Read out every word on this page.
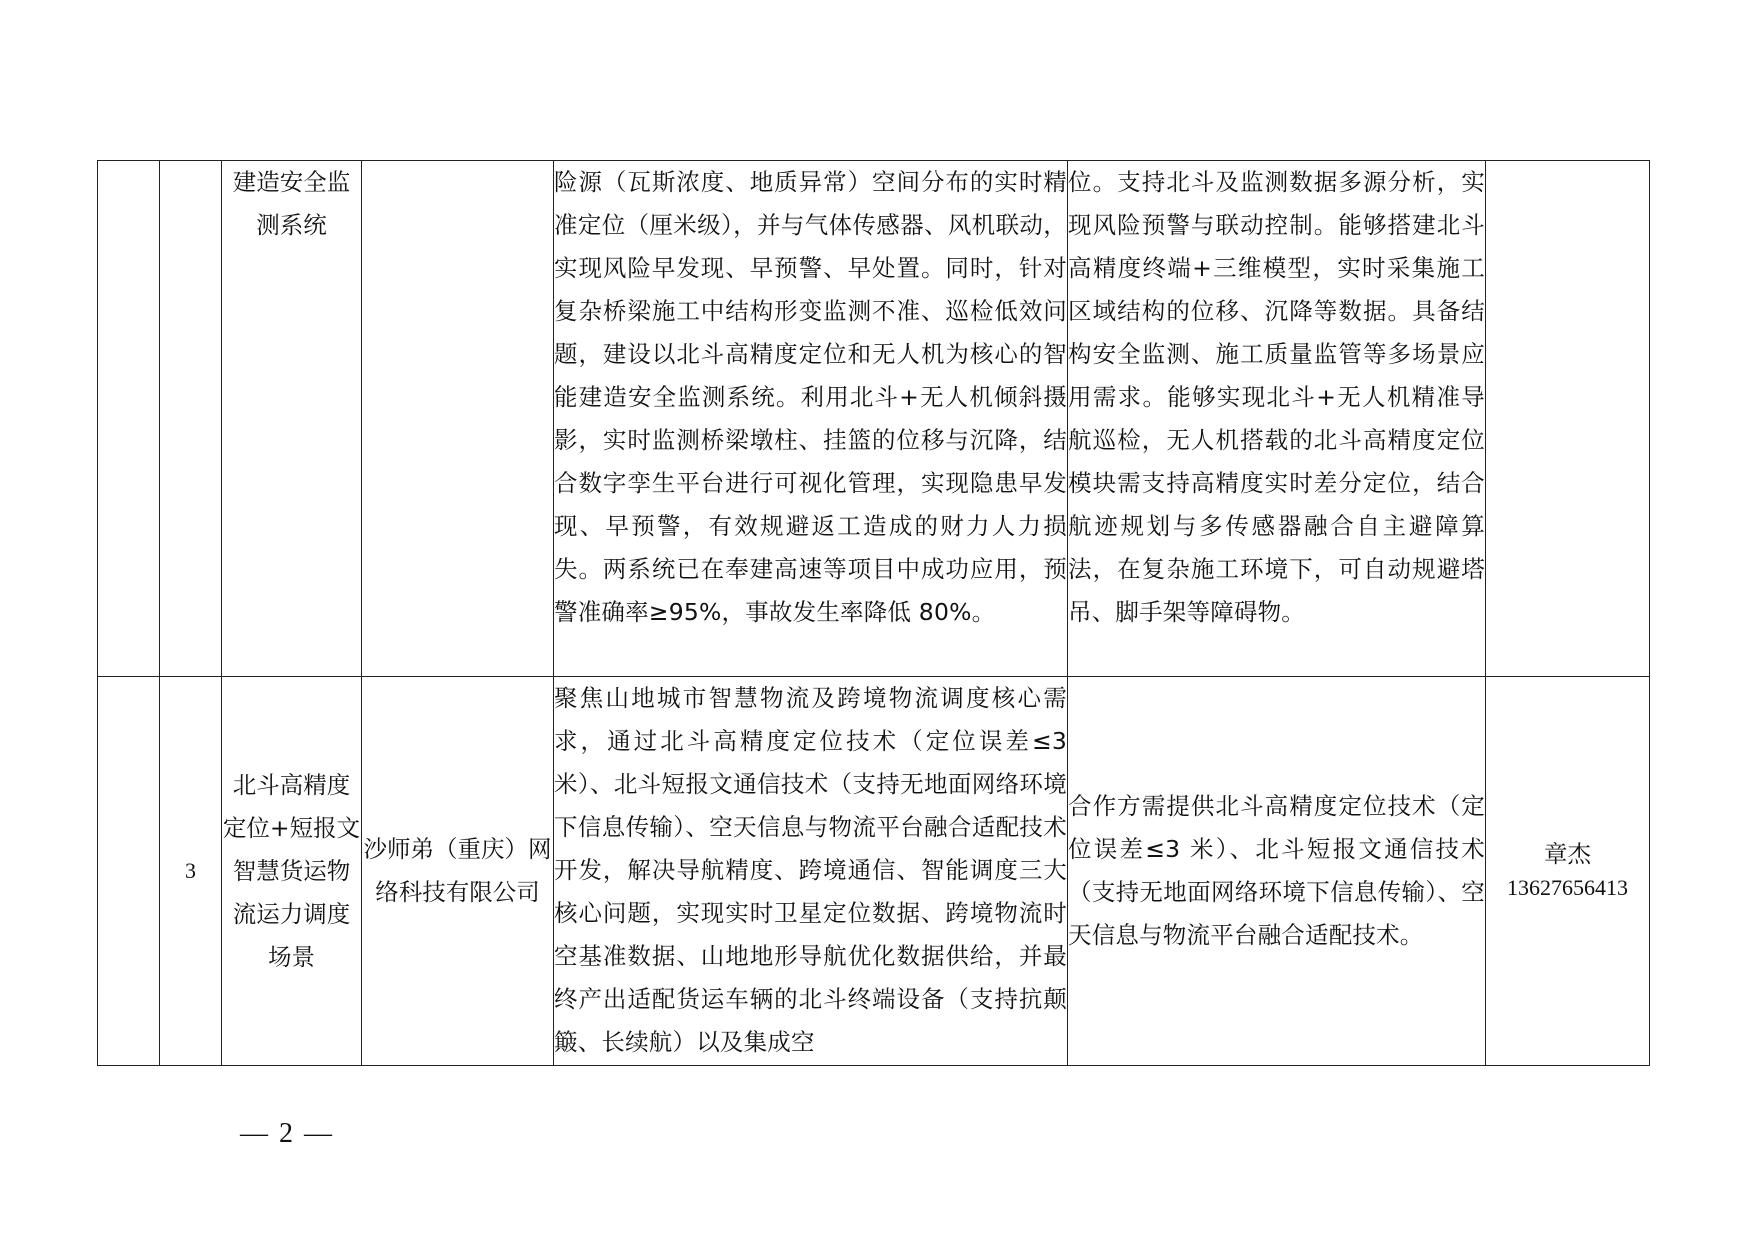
		建造安全监测系统		险源（瓦斯浓度、地质异常）空间分布的实时精准定位（厘米级），并与气体传感器、风机联动，实现风险早发现、早预警、早处置。同时，针对复杂桥梁施工中结构形变监测不准、巡检低效问题，建设以北斗高精度定位和无人机为核心的智能建造安全监测系统。利用北斗+无人机倾斜摄影，实时监测桥梁墩柱、挂篮的位移与沉降，结合数字孪生平台进行可视化管理，实现隐患早发现、早预警，有效规避返工造成的财力人力损失。两系统已在奉建高速等项目中成功应用，预警准确率≥95%，事故发生率降低 80%。	位。支持北斗及监测数据多源分析，实现风险预警与联动控制。能够搭建北斗高精度终端+三维模型，实时采集施工区域结构的位移、沉降等数据。具备结构安全监测、施工质量监管等多场景应用需求。能够实现北斗+无人机精准导航巡检，无人机搭载的北斗高精度定位模块需支持高精度实时差分定位，结合航迹规划与多传感器融合自主避障算法，在复杂施工环境下，可自动规避塔吊、脚手架等障碍物。	

	3	北斗高精度定位+短报文智慧货运物流运力调度场景	沙师弟（重庆）网络科技有限公司	聚焦山地城市智慧物流及跨境物流调度核心需求，通过北斗高精度定位技术（定位误差≤3 米）、北斗短报文通信技术（支持无地面网络环境下信息传输）、空天信息与物流平台融合适配技术开发，解决导航精度、跨境通信、智能调度三大核心问题，实现实时卫星定位数据、跨境物流时空基准数据、山地地形导航优化数据供给，并最终产出适配货运车辆的北斗终端设备（支持抗颠簸、长续航）以及集成空	合作方需提供北斗高精度定位技术（定位误差≤3 米）、北斗短报文通信技术（支持无地面网络环境下信息传输）、空天信息与物流平台融合适配技术。	章杰
13627656413
— 2 —
